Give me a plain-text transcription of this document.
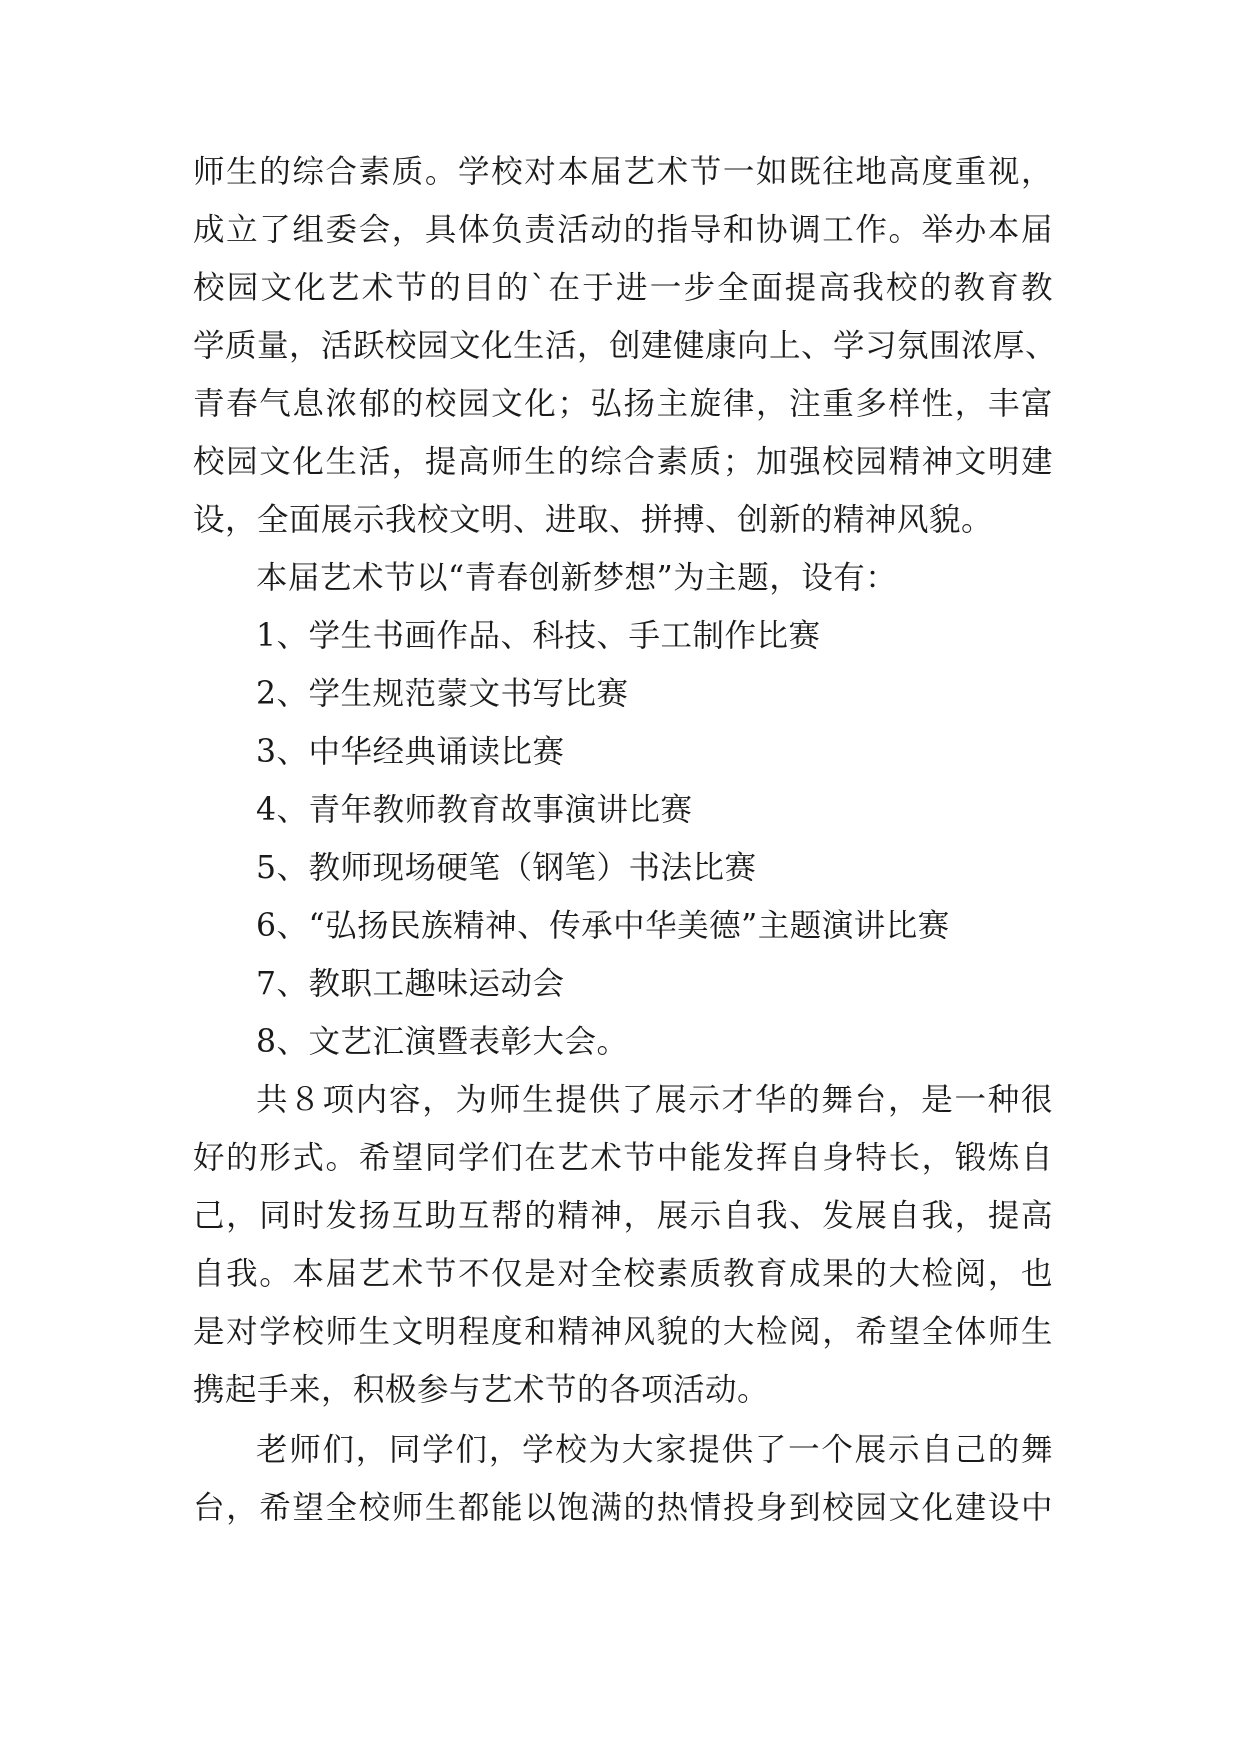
师生的综合素质。学校对本届艺术节一如既往地高度重视，
成立了组委会，具体负责活动的指导和协调工作。举办本届
校园文化艺术节的目的`在于进一步全面提高我校的教育教
学质量，活跃校园文化生活，创建健康向上、学习氛围浓厚、
青春气息浓郁的校园文化；弘扬主旋律，注重多样性，丰富
校园文化生活，提高师生的综合素质；加强校园精神文明建
设，全面展示我校文明、进取、拼搏、创新的精神风貌。
本届艺术节以“青春创新梦想”为主题，设有：
1、学生书画作品、科技、手工制作比赛
2、学生规范蒙文书写比赛
3、中华经典诵读比赛
4、青年教师教育故事演讲比赛
5、教师现场硬笔（钢笔）书法比赛
6、“弘扬民族精神、传承中华美德”主题演讲比赛
7、教职工趣味运动会
8、文艺汇演暨表彰大会。
共８项内容，为师生提供了展示才华的舞台，是一种很
好的形式。希望同学们在艺术节中能发挥自身特长，锻炼自
己，同时发扬互助互帮的精神，展示自我、发展自我，提高
自我。本届艺术节不仅是对全校素质教育成果的大检阅，也
是对学校师生文明程度和精神风貌的大检阅，希望全体师生
携起手来，积极参与艺术节的各项活动。
老师们，同学们，学校为大家提供了一个展示自己的舞
台，希望全校师生都能以饱满的热情投身到校园文化建设中
